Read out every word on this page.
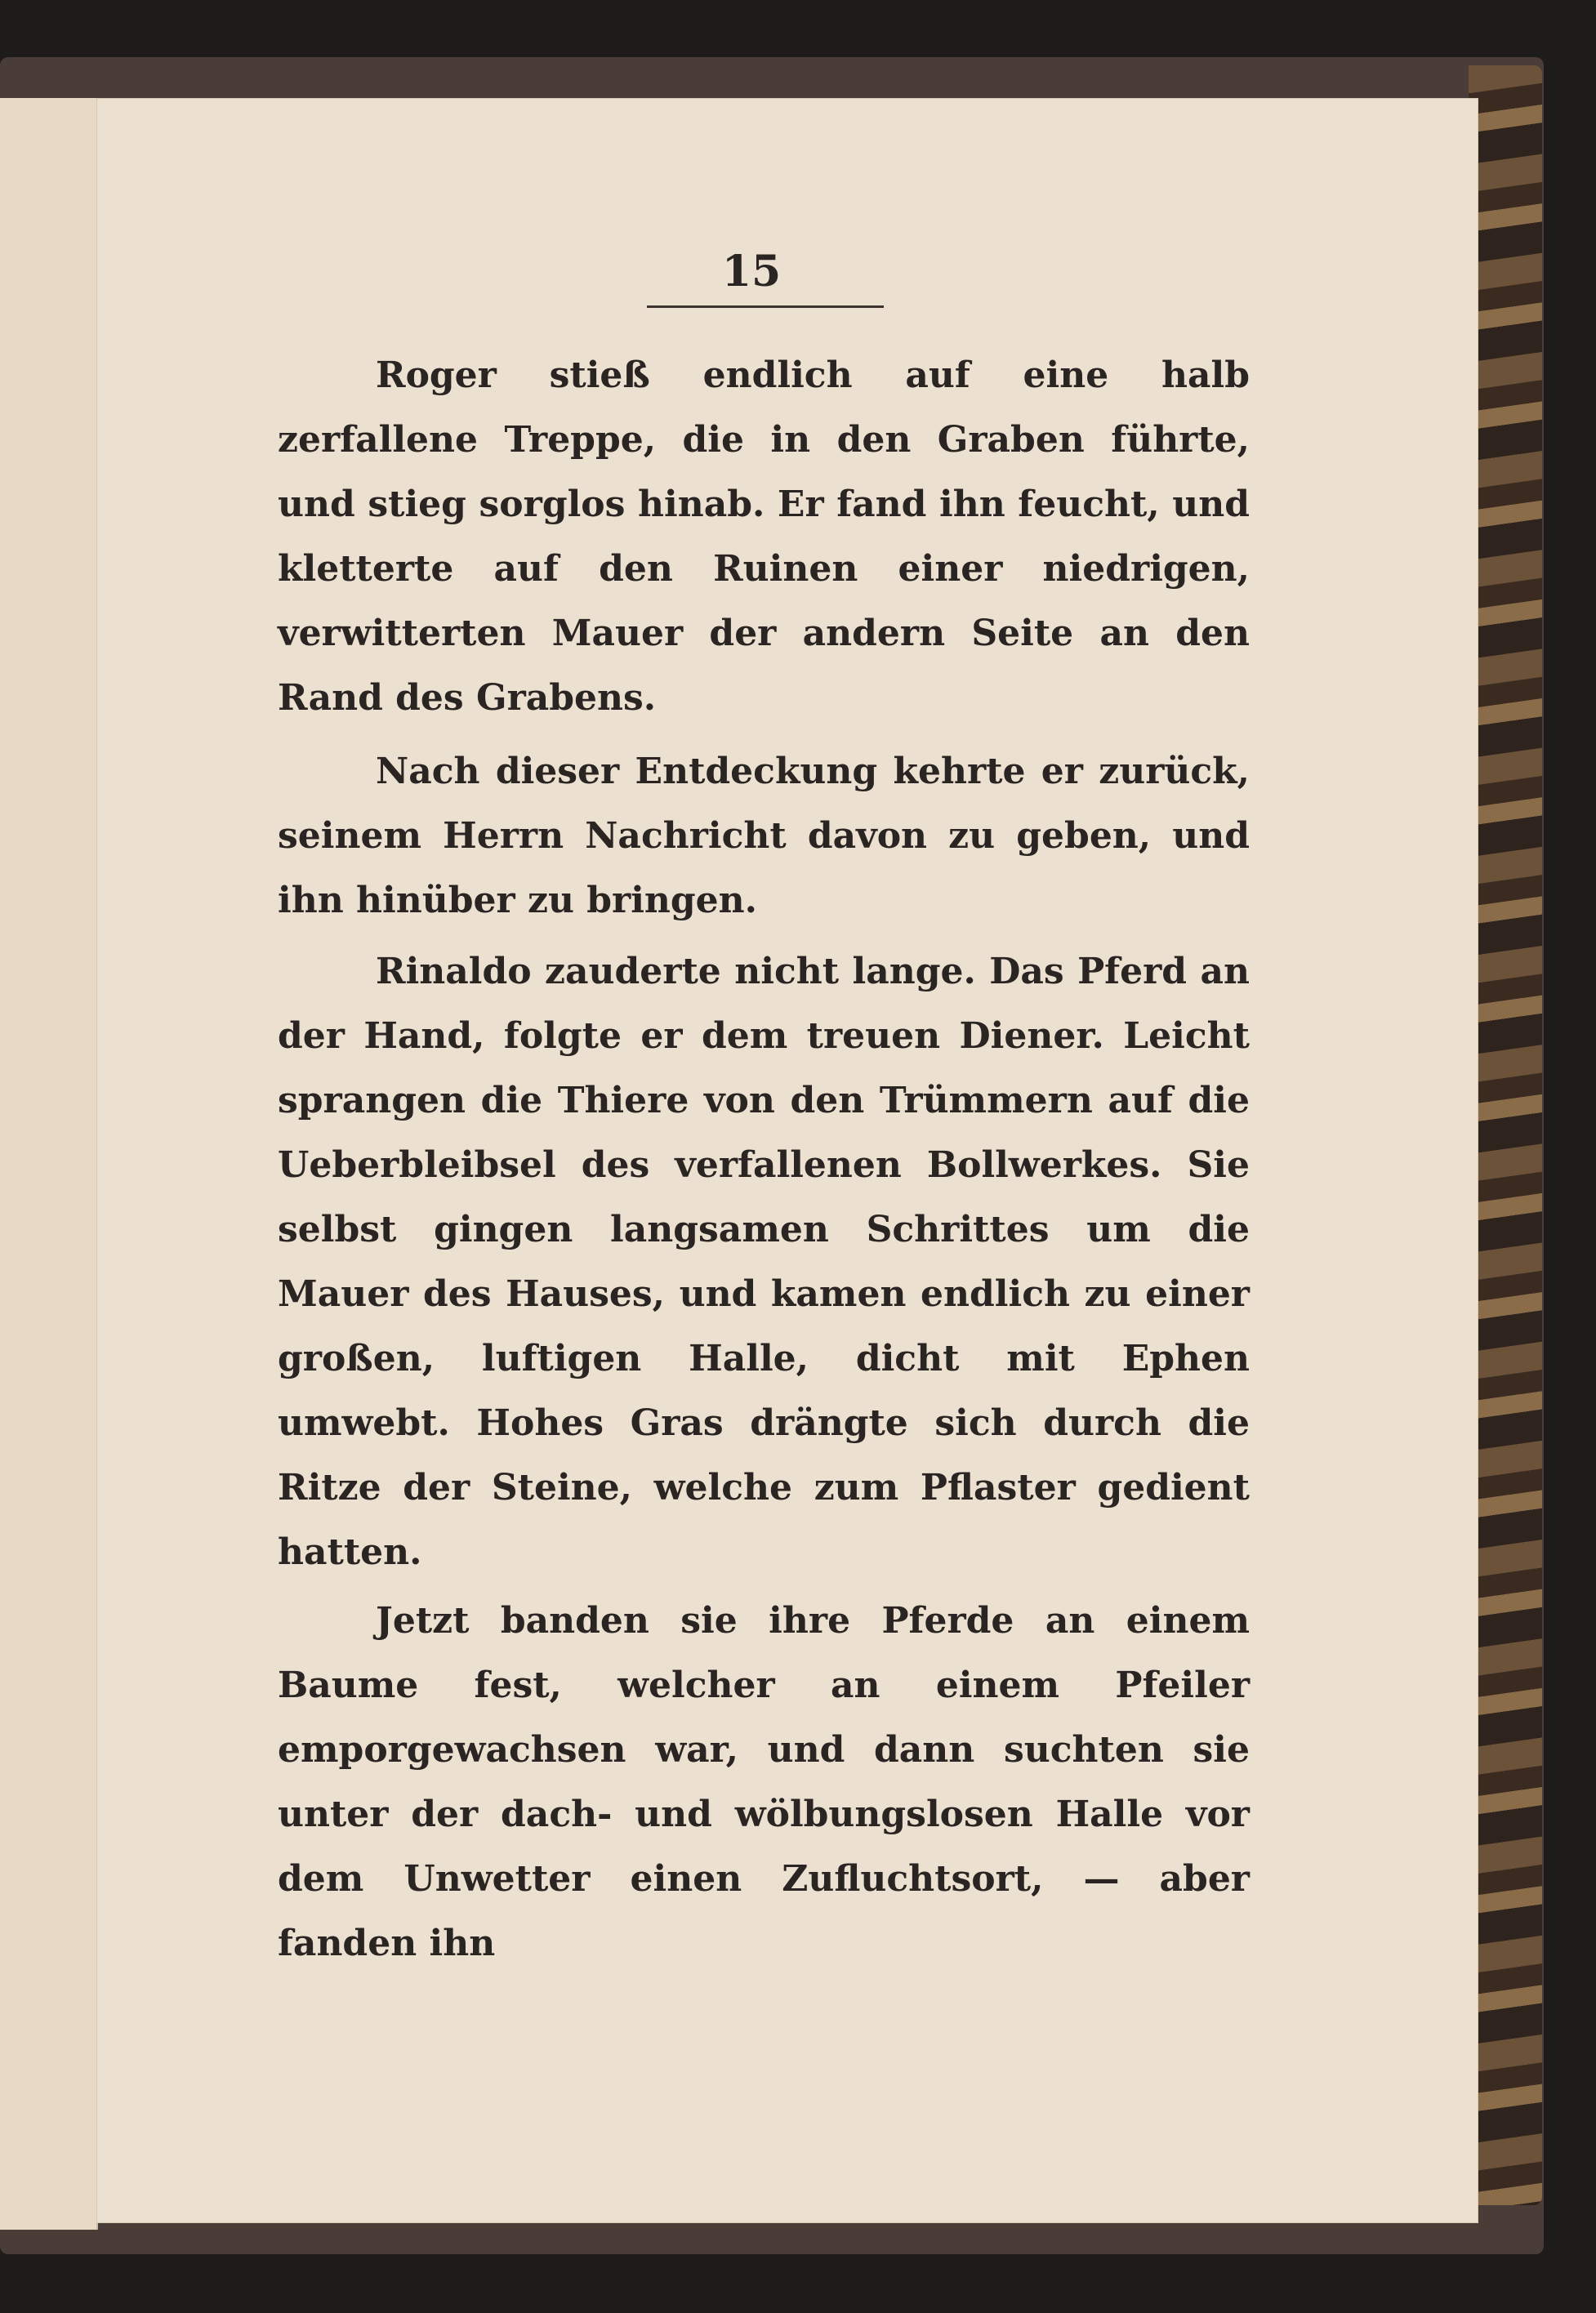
15

Roger stieß endlich auf eine halb zerfallene Treppe, die in den Graben führte, und stieg sorglos hinab. Er fand ihn feucht, und kletterte auf den Ruinen einer niedrigen, verwitterten Mauer der andern Seite an den Rand des Grabens.

Nach dieser Entdeckung kehrte er zurück, seinem Herrn Nachricht davon zu geben, und ihn hinüber zu bringen.

Rinaldo zauderte nicht lange. Das Pferd an der Hand, folgte er dem treuen Diener. Leicht sprangen die Thiere von den Trümmern auf die Ueberbleibsel des verfallenen Bollwerkes. Sie selbst gingen langsamen Schrittes um die Mauer des Hauses, und kamen endlich zu einer großen, luftigen Halle, dicht mit Ephen umwebt. Hohes Gras drängte sich durch die Ritze der Steine, welche zum Pflaster gedient hatten.

Jetzt banden sie ihre Pferde an einem Baume fest, welcher an einem Pfeiler emporgewachsen war, und dann suchten sie unter der dach- und wölbungslosen Halle vor dem Unwetter einen Zufluchtsort, — aber fanden ihn
